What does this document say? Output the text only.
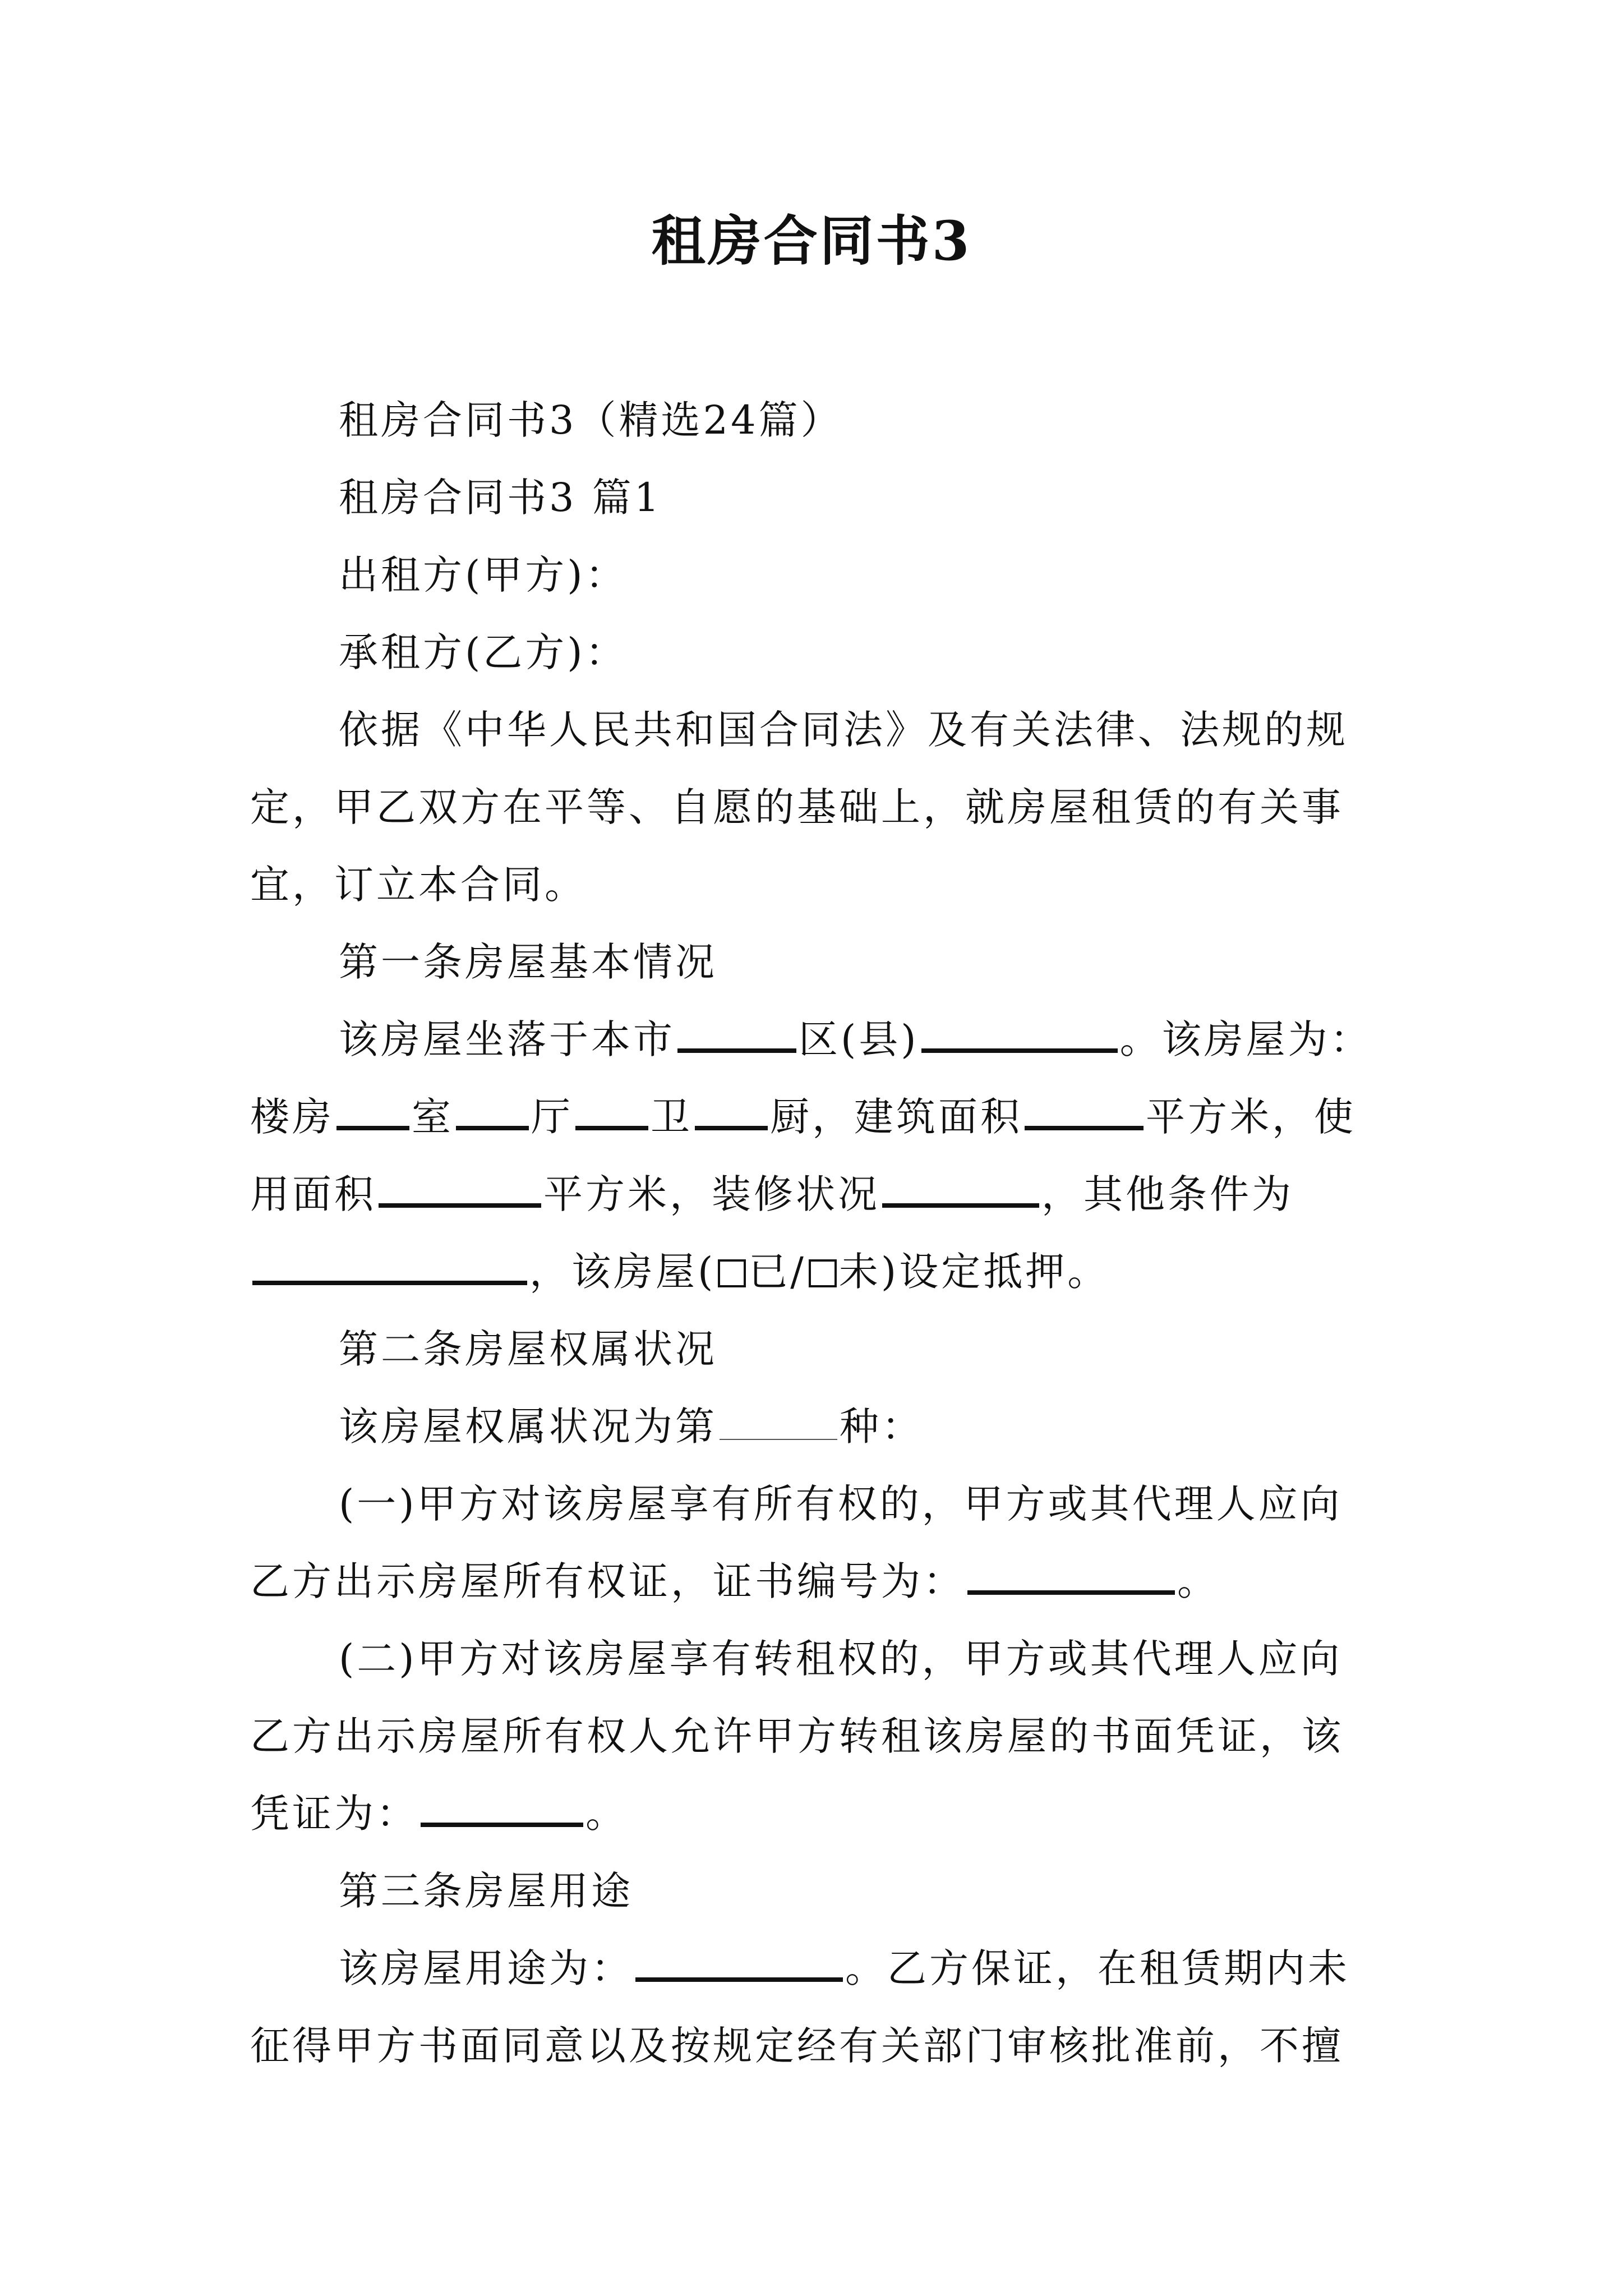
租房合同书3

租房合同书3（精选24篇）

租房合同书3 篇1

出租方(甲方)：

承租方(乙方)：

依据《中华人民共和国合同法》及有关法律、法规的规定，甲乙双方在平等、自愿的基础上，就房屋租赁的有关事宜，订立本合同。

第一条房屋基本情况

该房屋坐落于本市	区(县)	。该房屋为：楼房 室 厅 卫 厨，建筑面积	平方米，使用面积	平方米，装修状况	，其他条件为，该房屋( 已/ 未)设定抵押。

第二条房屋权属状况

该房屋权属状况为第	种：

(一)甲方对该房屋享有所有权的，甲方或其代理人应向乙方出示房屋所有权证，证书编号为：	。

(二)甲方对该房屋享有转租权的，甲方或其代理人应向乙方出示房屋所有权人允许甲方转租该房屋的书面凭证，该凭证为：	。

第三条房屋用途

该房屋用途为：	。乙方保证，在租赁期内未征得甲方书面同意以及按规定经有关部门审核批准前，不擅
